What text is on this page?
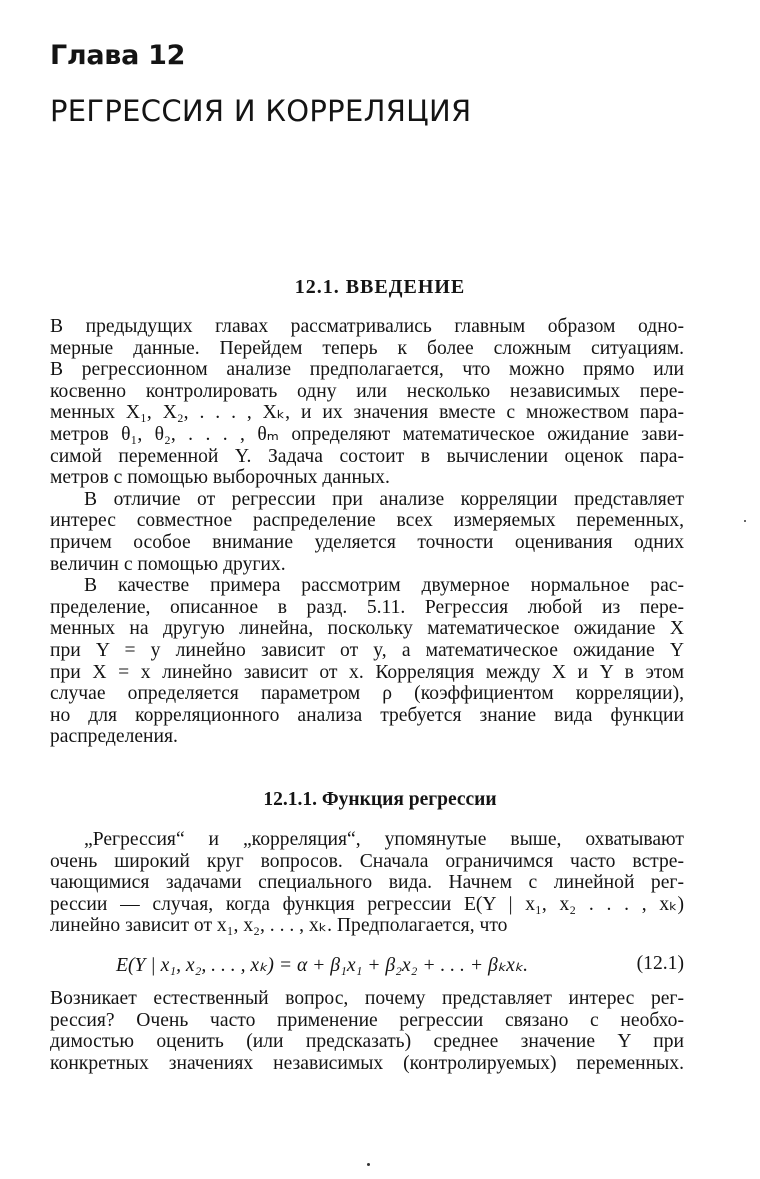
Глава 12
РЕГРЕССИЯ И КОРРЕЛЯЦИЯ
12.1. ВВЕДЕНИЕ
В предыдущих главах рассматривались главным образом одно-
мерные данные. Перейдем теперь к более сложным ситуациям.
В регрессионном анализе предполагается, что можно прямо или
косвенно контролировать одну или несколько независимых пере-
менных X₁, X₂, . . . , Xₖ, и их значения вместе с множеством пара-
метров θ₁, θ₂, . . . , θₘ определяют математическое ожидание зави-
симой переменной Y. Задача состоит в вычислении оценок пара-
метров с помощью выборочных данных.
В отличие от регрессии при анализе корреляции представляет
интерес совместное распределение всех измеряемых переменных,
причем особое внимание уделяется точности оценивания одних
величин с помощью других.
В качестве примера рассмотрим двумерное нормальное рас-
пределение, описанное в разд. 5.11. Регрессия любой из пере-
менных на другую линейна, поскольку математическое ожидание X
при Y = y линейно зависит от y, а математическое ожидание Y
при X = x линейно зависит от x. Корреляция между X и Y в этом
случае определяется параметром ρ (коэффициентом корреляции),
но для корреляционного анализа требуется знание вида функции
распределения.
12.1.1. Функция регрессии
„Регрессия“ и „корреляция“, упомянутые выше, охватывают
очень широкий круг вопросов. Сначала ограничимся часто встре-
чающимися задачами специального вида. Начнем с линейной рег-
рессии — случая, когда функция регрессии E(Y | x₁, x₂ . . . , xₖ)
линейно зависит от x₁, x₂, . . . , xₖ. Предполагается, что
E(Y | x₁, x₂, . . . , xₖ) = α + β₁x₁ + β₂x₂ + . . . + βₖxₖ.	(12.1)
Возникает естественный вопрос, почему представляет интерес рег-
рессия? Очень часто применение регрессии связано с необхо-
димостью оценить (или предсказать) среднее значение Y при
конкретных значениях независимых (контролируемых) переменных.
